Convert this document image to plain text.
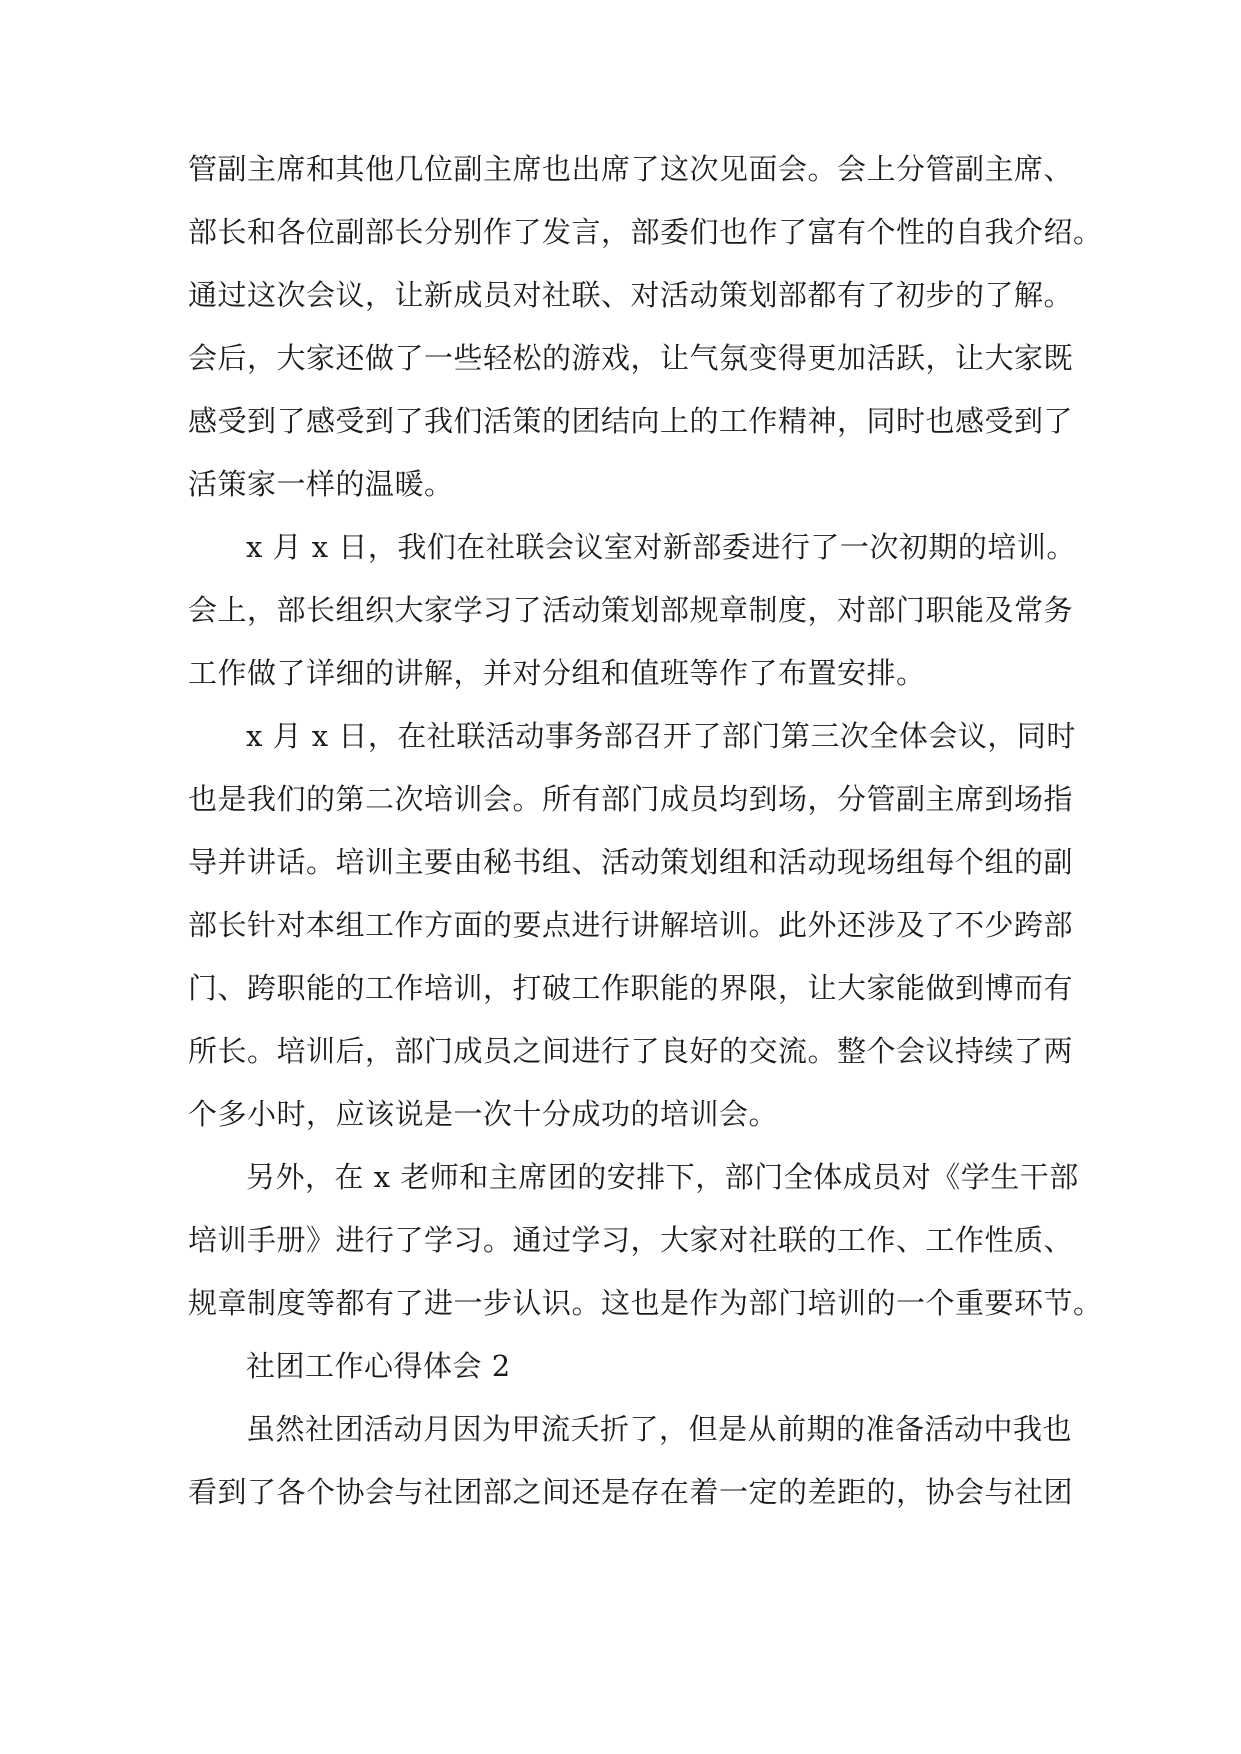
管副主席和其他几位副主席也出席了这次见面会。会上分管副主席、
部长和各位副部长分别作了发言，部委们也作了富有个性的自我介绍。
通过这次会议，让新成员对社联、对活动策划部都有了初步的了解。
会后，大家还做了一些轻松的游戏，让气氛变得更加活跃，让大家既
感受到了感受到了我们活策的团结向上的工作精神，同时也感受到了
活策家一样的温暖。
x 月 x 日，我们在社联会议室对新部委进行了一次初期的培训。
会上，部长组织大家学习了活动策划部规章制度，对部门职能及常务
工作做了详细的讲解，并对分组和值班等作了布置安排。
x 月 x 日，在社联活动事务部召开了部门第三次全体会议，同时
也是我们的第二次培训会。所有部门成员均到场，分管副主席到场指
导并讲话。培训主要由秘书组、活动策划组和活动现场组每个组的副
部长针对本组工作方面的要点进行讲解培训。此外还涉及了不少跨部
门、跨职能的工作培训，打破工作职能的界限，让大家能做到博而有
所长。培训后，部门成员之间进行了良好的交流。整个会议持续了两
个多小时，应该说是一次十分成功的培训会。
另外，在 x 老师和主席团的安排下，部门全体成员对《学生干部
培训手册》进行了学习。通过学习，大家对社联的工作、工作性质、
规章制度等都有了进一步认识。这也是作为部门培训的一个重要环节。
社团工作心得体会 2
虽然社团活动月因为甲流夭折了，但是从前期的准备活动中我也
看到了各个协会与社团部之间还是存在着一定的差距的，协会与社团
